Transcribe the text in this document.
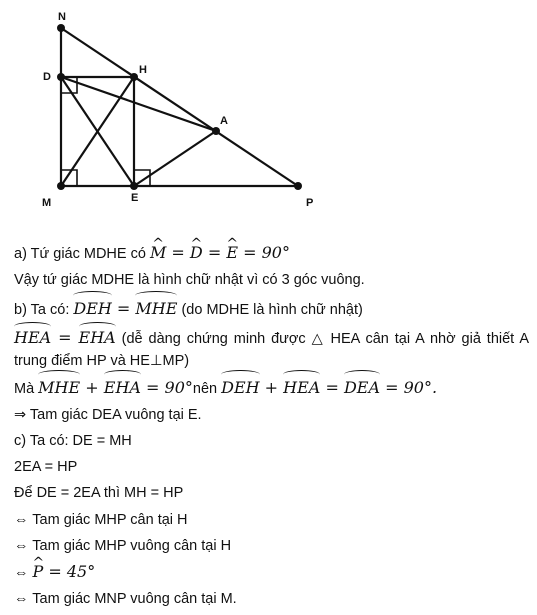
N
D
H
A
M	E	P
a) Tứ giác MDHE có ^ M = ^ D = ^ E = 90°
Vậy tứ giác MDHE là hình chữ nhật vì có 3 góc vuông.
b) Ta có: DEH = MHE (do MDHE là hình chữ nhật)
HEA = EHA (dễ dàng chứng minh được △ HEA cân tại A nhờ giả thiết A trung điểm HP và HE⊥MP)
Mà MHE + EHA = 90°nên DEH + HEA = DEA = 90°.
⇒ Tam giác DEA vuông tại E.
c) Ta có: DE = MH
2EA = HP
Để DE = 2EA thì MH = HP
⇔ Tam giác MHP cân tại H
⇔ Tam giác MHP vuông cân tại H
⇔ ^ P = 45°
⇔ Tam giác MNP vuông cân tại M.
